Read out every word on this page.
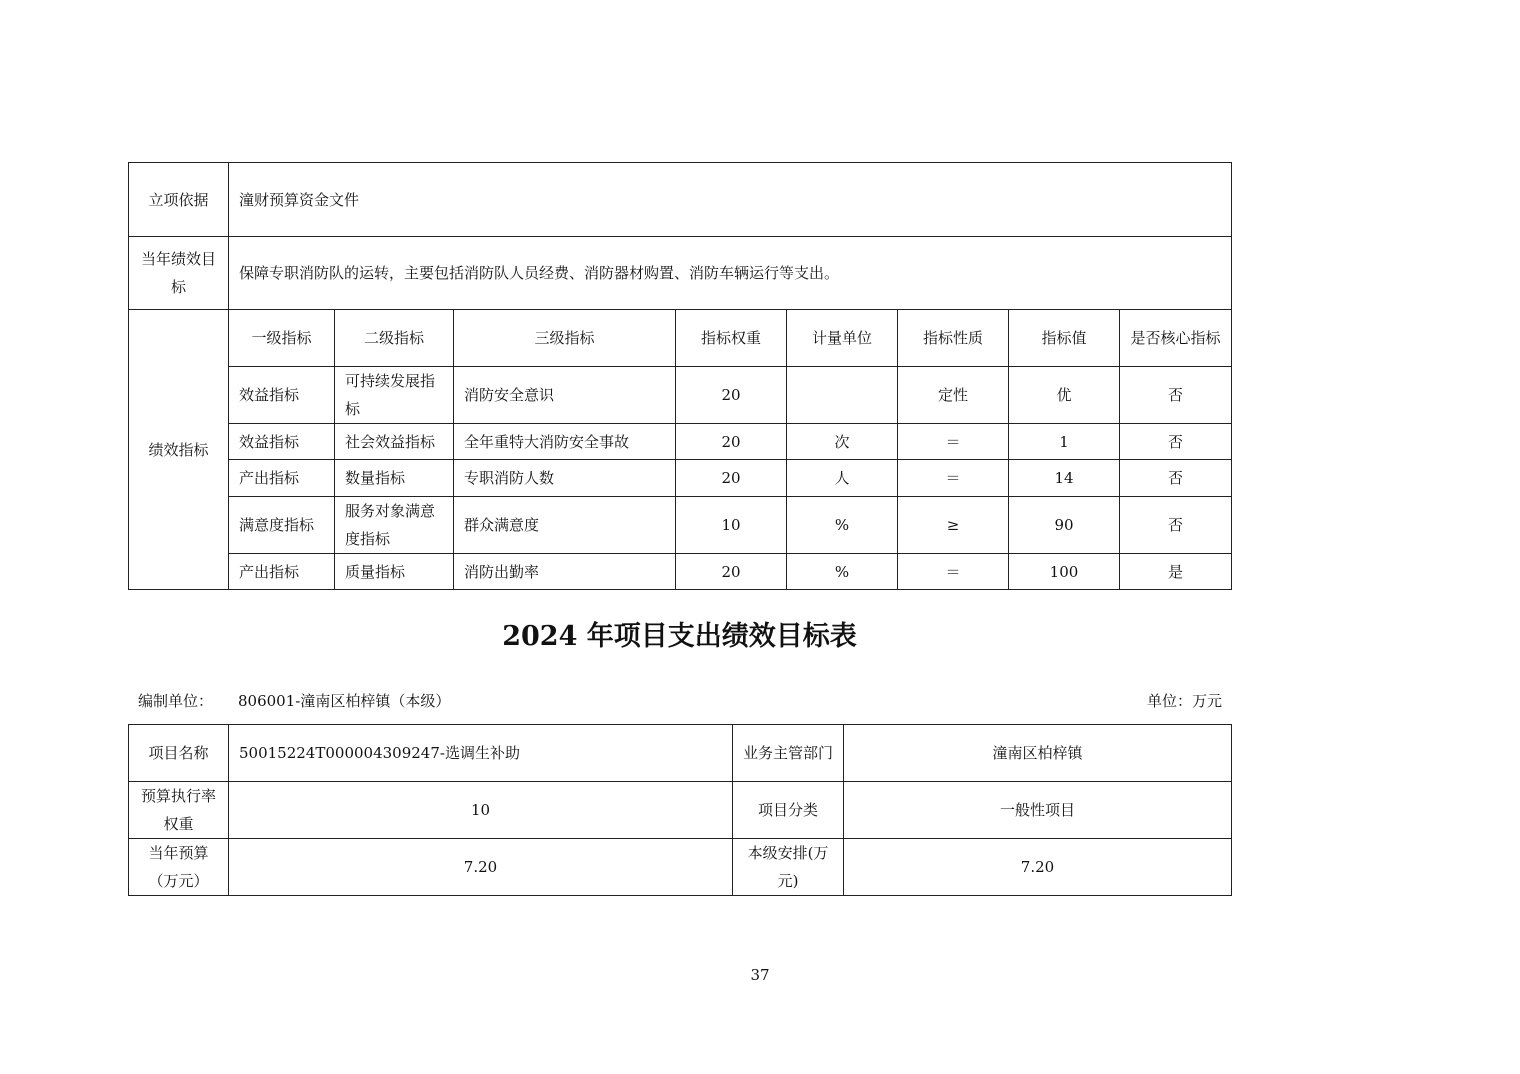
立项依据	潼财预算资金文件							
当年绩效目标	保障专职消防队的运转，主要包括消防队人员经费、消防器材购置、消防车辆运行等支出。							
绩效指标	一级指标	二级指标	三级指标	指标权重	计量单位	指标性质	指标值	是否核心指标
	效益指标	可持续发展指标	消防安全意识	20		定性	优	否
	效益指标	社会效益指标	全年重特大消防安全事故	20	次	＝	1	否
	产出指标	数量指标	专职消防人数	20	人	＝	14	否
	满意度指标	服务对象满意度指标	群众满意度	10	%	≥	90	否
	产出指标	质量指标	消防出勤率	20	%	＝	100	是
2024 年项目支出绩效目标表
编制单位： 806001-潼南区柏梓镇（本级）	单位：万元
项目名称	50015224T000004309247-选调生补助	业务主管部门	潼南区柏梓镇
预算执行率权重	10	项目分类	一般性项目
当年预算（万元）	7.20	本级安排(万元)	7.20
37
